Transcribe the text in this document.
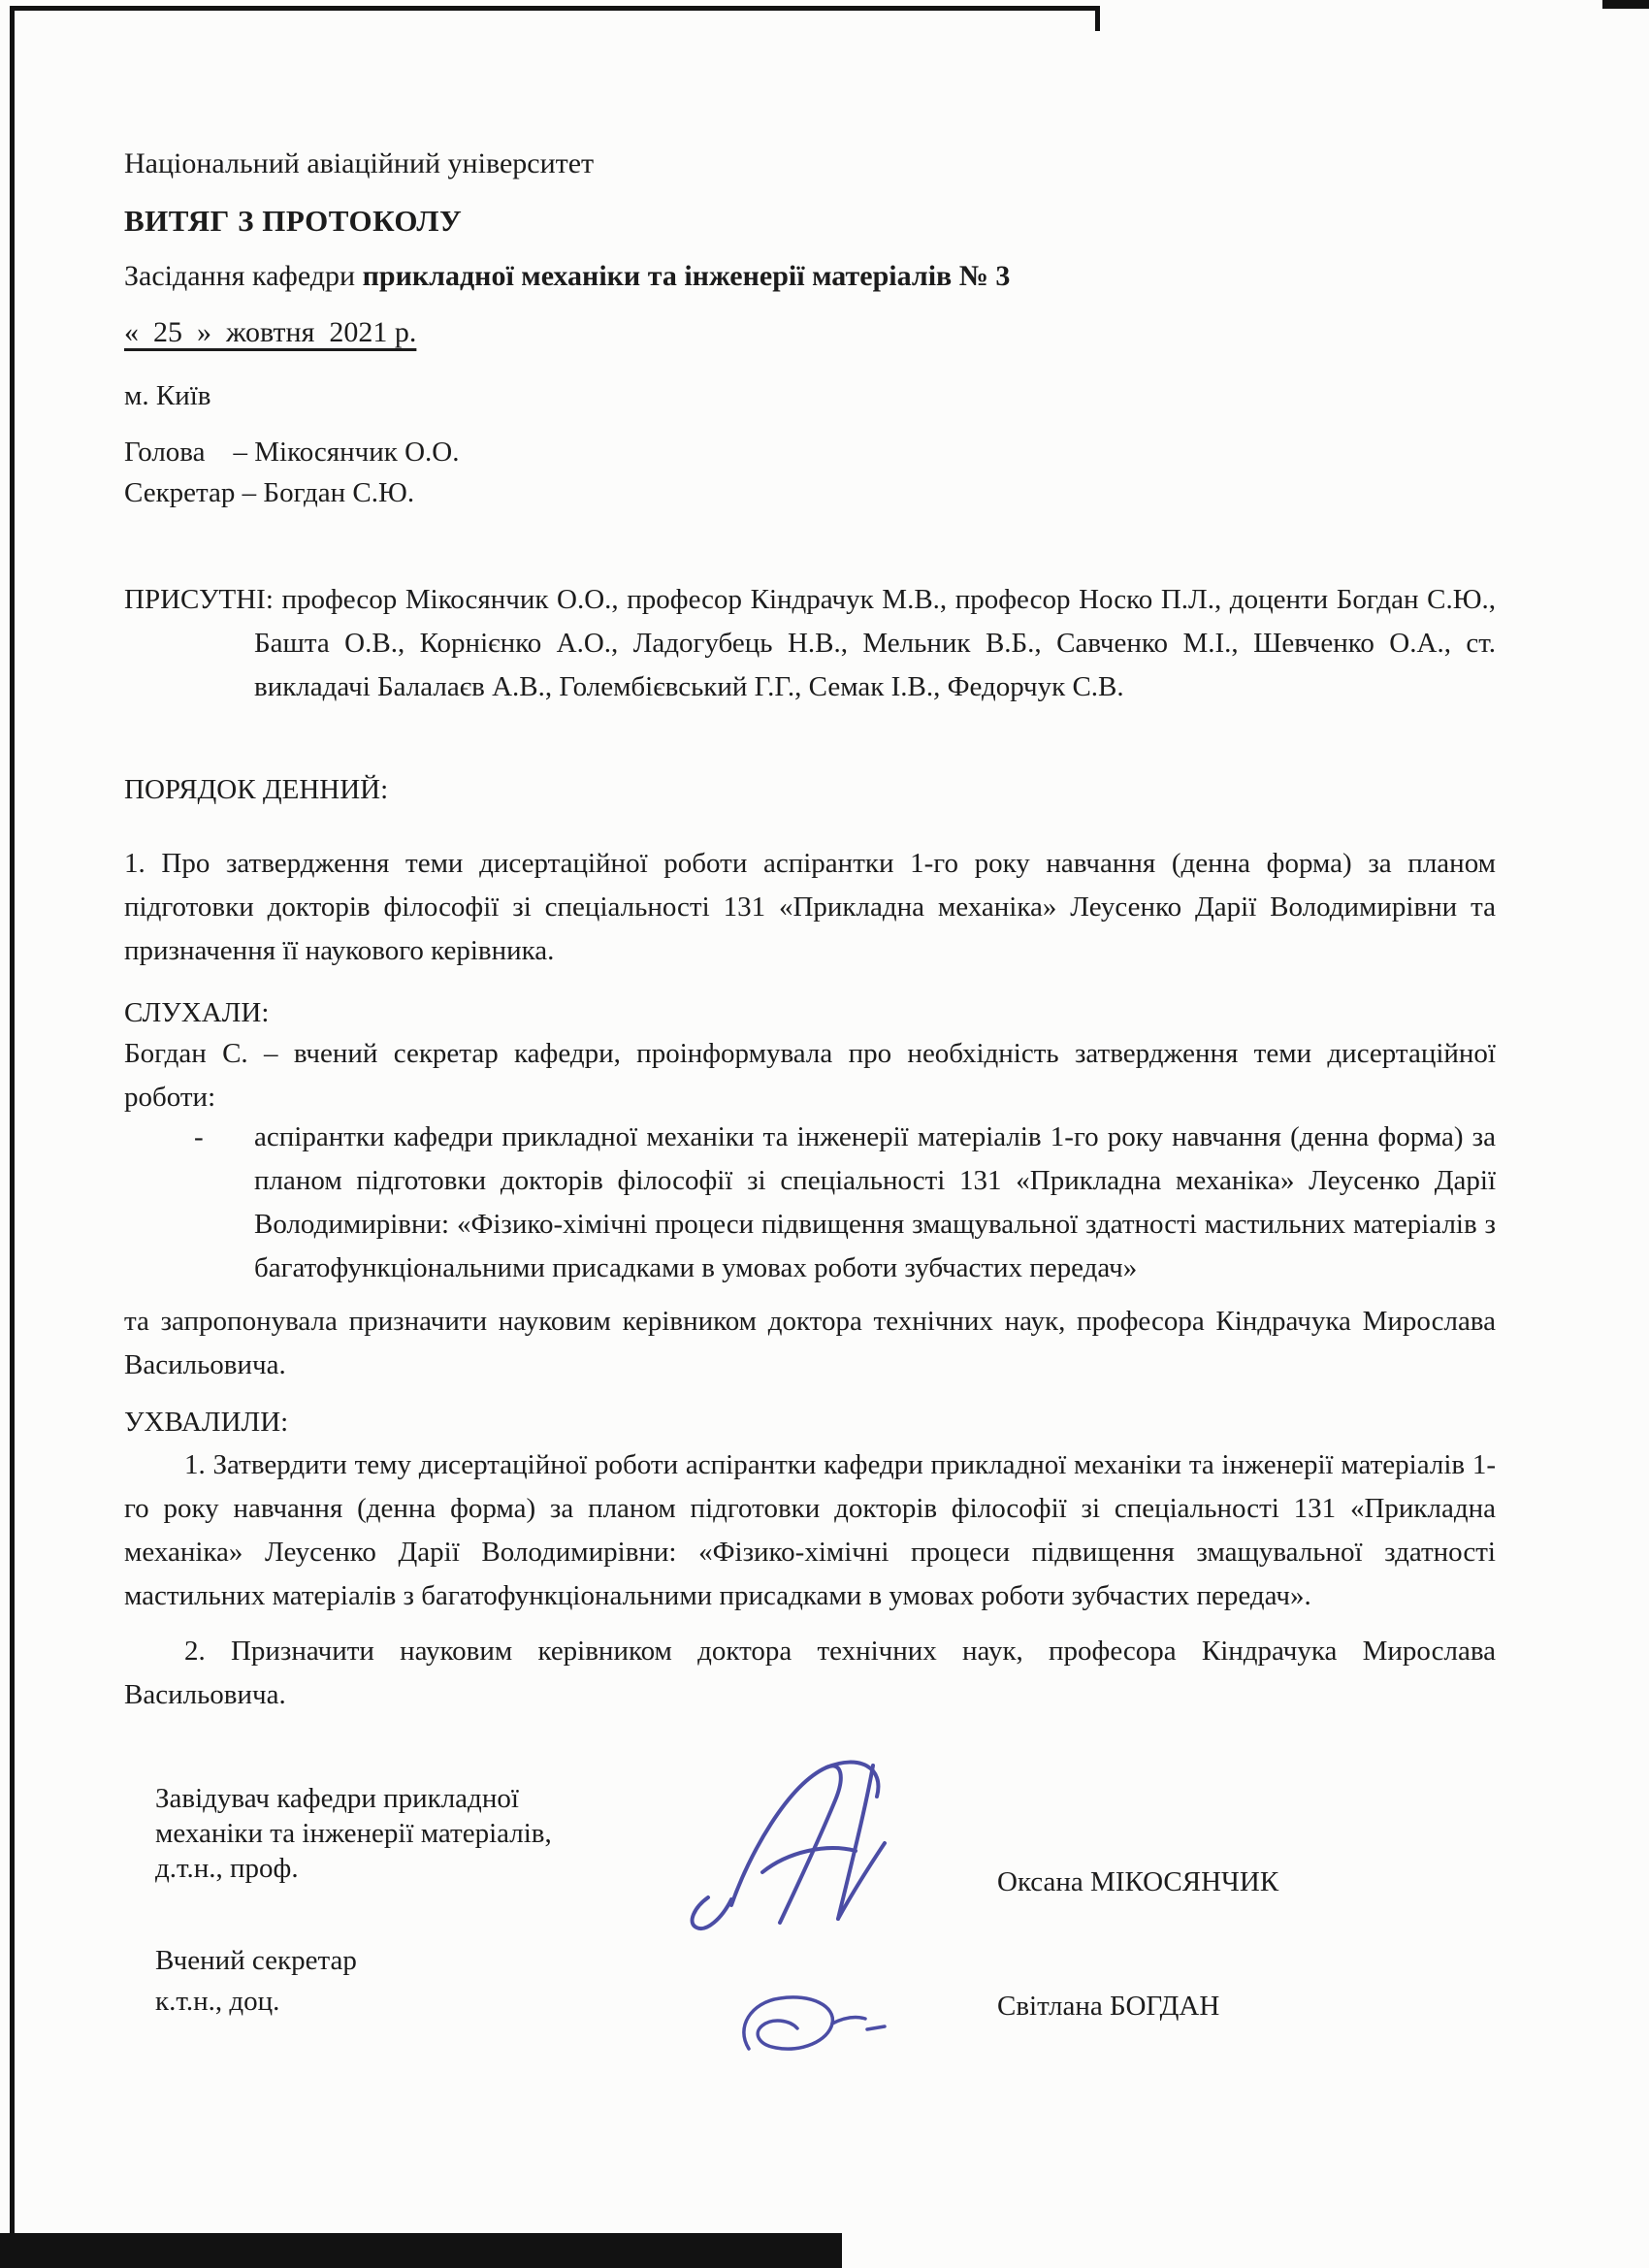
Національний авіаційний університет
ВИТЯГ З ПРОТОКОЛУ
Засідання кафедри прикладної механіки та інженерії матеріалів № 3
«  25  »  жовтня  2021 р.
м. Київ
Голова    – Мікосянчик О.О.
Секретар – Богдан С.Ю.
ПРИСУТНІ: професор Мікосянчик О.О., професор Кіндрачук М.В., професор Носко П.Л., доценти Богдан С.Ю., Башта О.В., Корнієнко А.О., Ладогубець Н.В., Мельник В.Б., Савченко М.І., Шевченко О.А., ст. викладачі Балалаєв А.В., Голембієвський Г.Г., Семак І.В., Федорчук С.В.
ПОРЯДОК ДЕННИЙ:
1. Про затвердження теми дисертаційної роботи аспірантки 1-го року навчання (денна форма) за планом підготовки докторів філософії зі спеціальності 131 «Прикладна механіка» Леусенко Дарії Володимирівни та призначення її наукового керівника.
СЛУХАЛИ:
Богдан С. – вчений секретар кафедри, проінформувала про необхідність затвердження теми дисертаційної роботи:
-	аспірантки кафедри прикладної механіки та інженерії матеріалів 1-го року навчання (денна форма) за планом підготовки докторів філософії зі спеціальності 131 «Прикладна механіка» Леусенко Дарії Володимирівни: «Фізико-хімічні процеси підвищення змащувальної здатності мастильних матеріалів з багатофункціональними присадками в умовах роботи зубчастих передач»
та запропонувала призначити науковим керівником доктора технічних наук, професора Кіндрачука Мирослава Васильовича.
УХВАЛИЛИ:
1. Затвердити тему дисертаційної роботи аспірантки кафедри прикладної механіки та інженерії матеріалів 1-го року навчання (денна форма) за планом підготовки докторів філософії зі спеціальності 131 «Прикладна механіка» Леусенко Дарії Володимирівни: «Фізико-хімічні процеси підвищення змащувальної здатності мастильних матеріалів з багатофункціональними присадками в умовах роботи зубчастих передач».
2. Призначити науковим керівником доктора технічних наук, професора Кіндрачука Мирослава Васильовича.
Завідувач кафедри прикладної
механіки та інженерії матеріалів,
д.т.н., проф.	Оксана МІКОСЯНЧИК
Вчений секретар
к.т.н., доц.	Світлана БОГДАН
